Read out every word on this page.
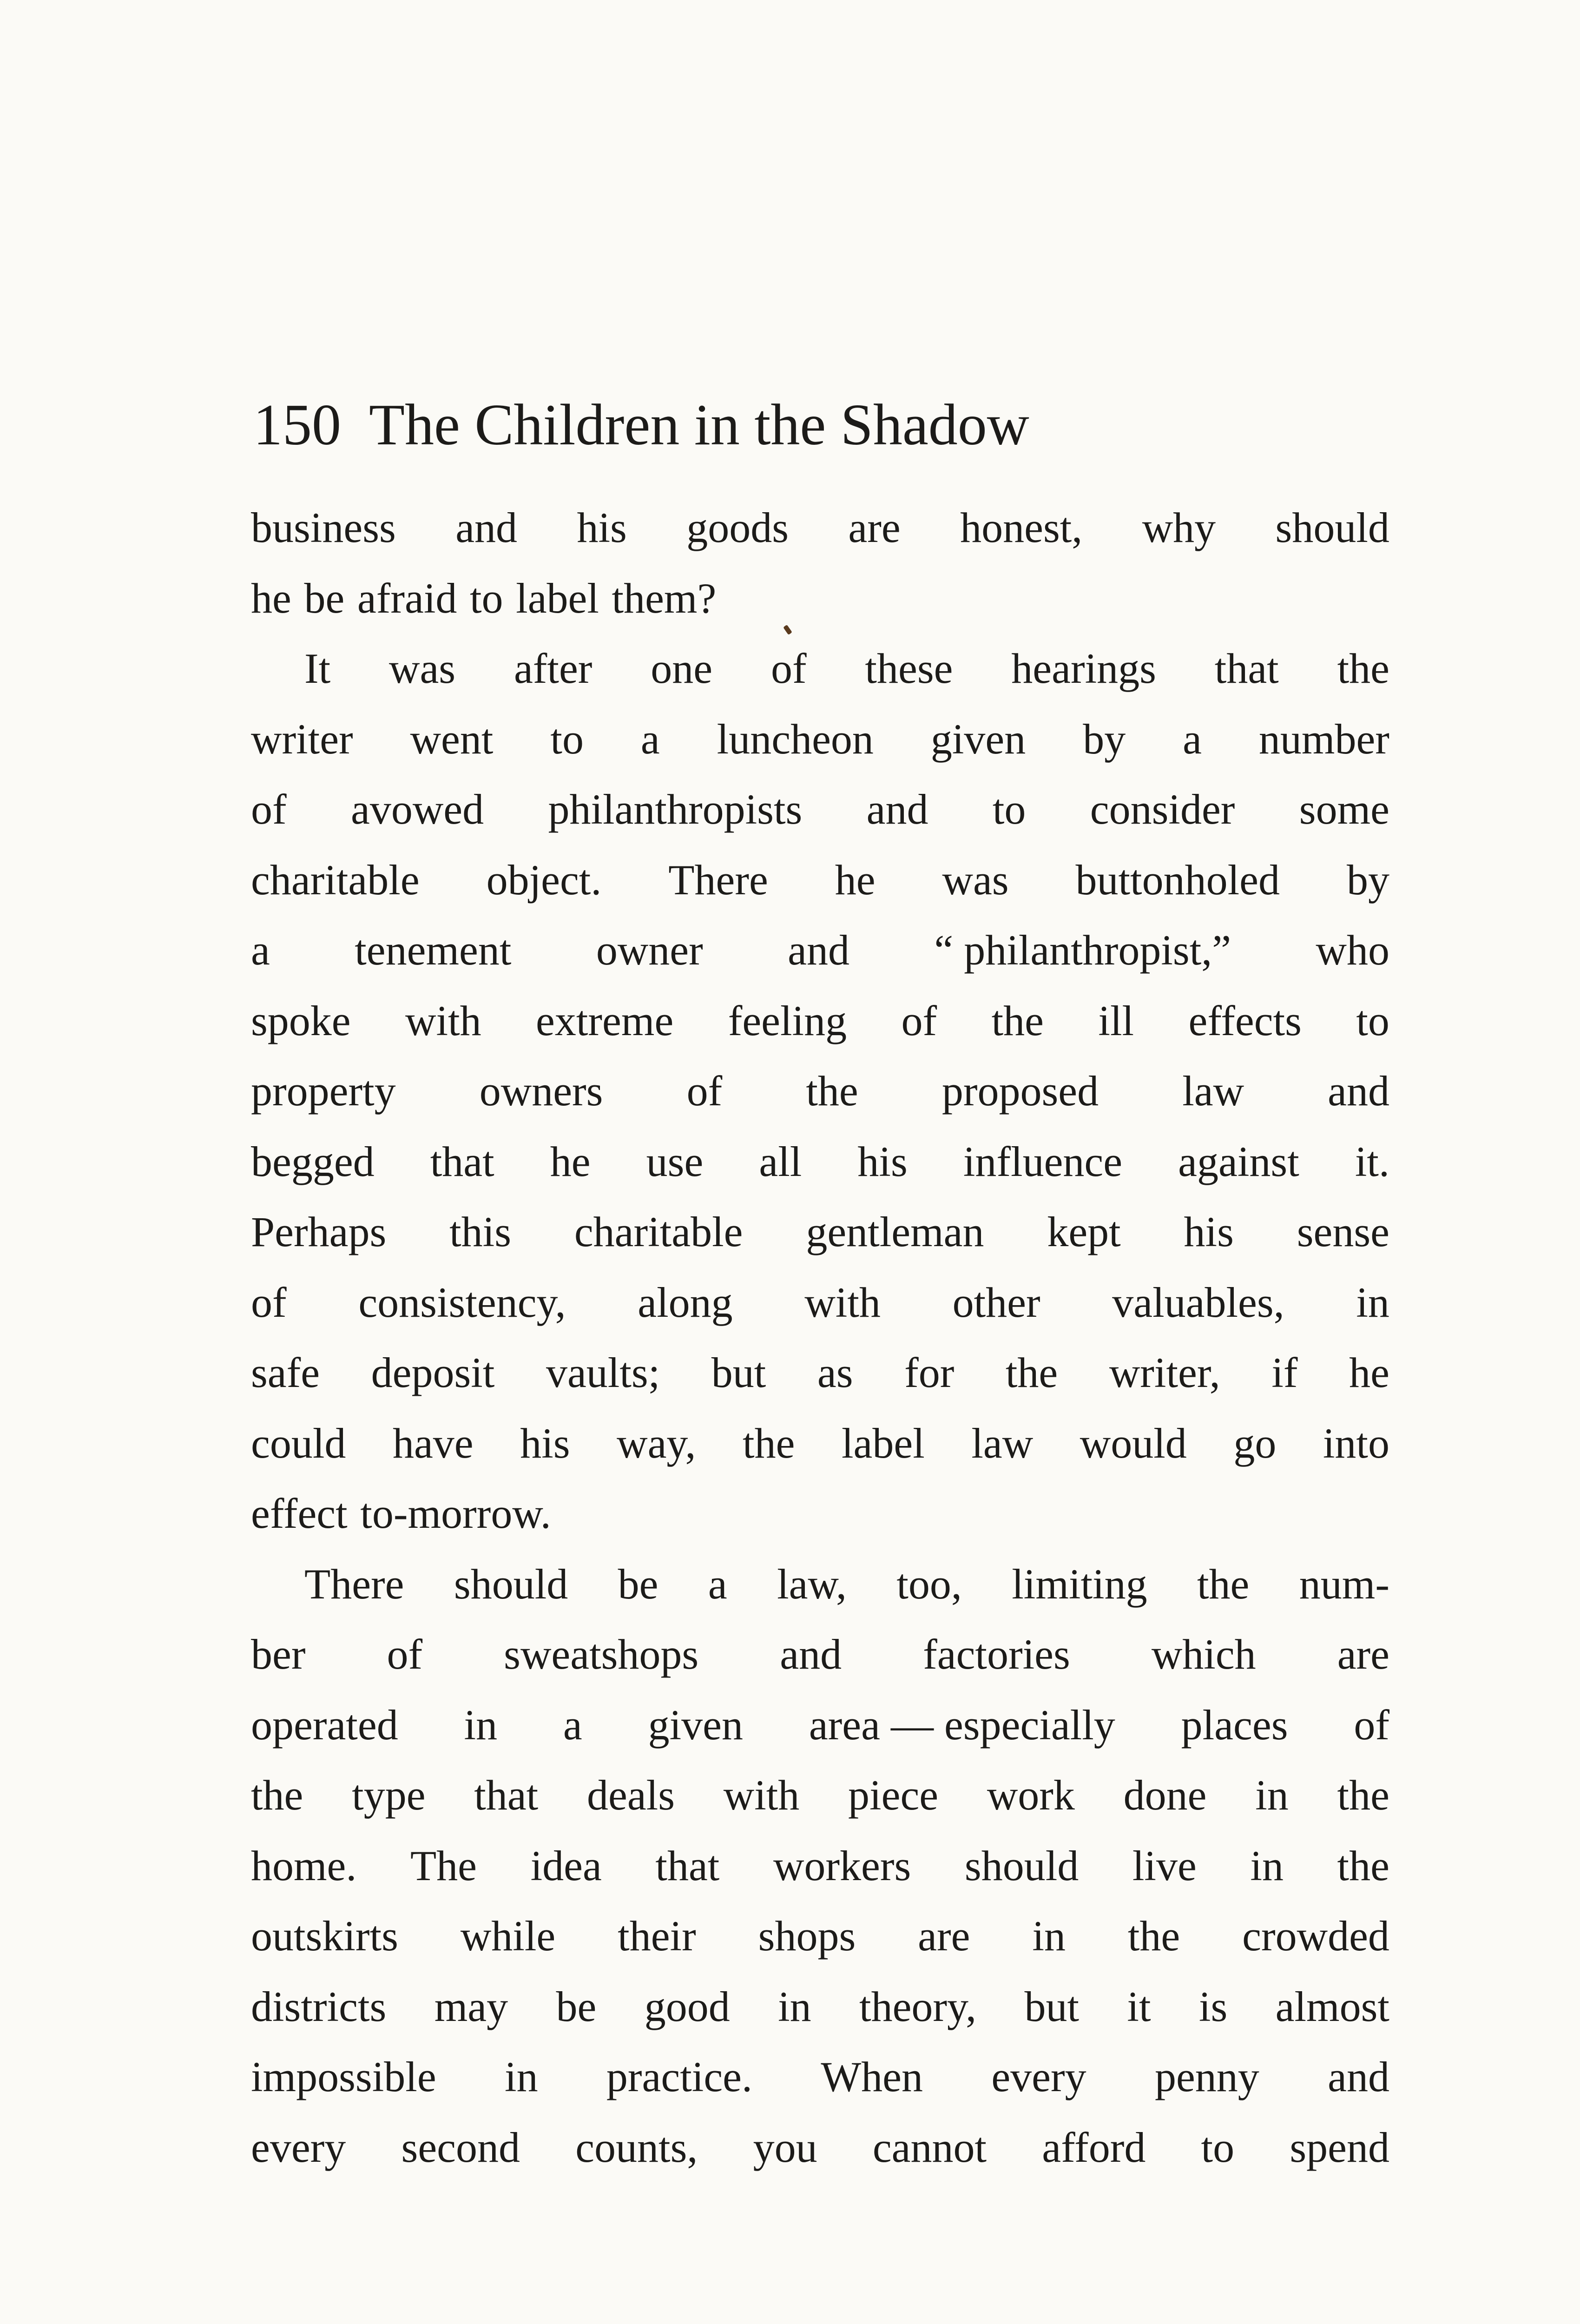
150 The Children in the Shadow
business and his goods are honest, why should
he be afraid to label them?
It was after one of these hearings that the
writer went to a luncheon given by a number
of avowed philanthropists and to consider some
charitable object. There he was buttonholed by
a tenement owner and “ philanthropist,” who
spoke with extreme feeling of the ill effects to
property owners of the proposed law and
begged that he use all his influence against it.
Perhaps this charitable gentleman kept his sense
of consistency, along with other valuables, in
safe deposit vaults; but as for the writer, if he
could have his way, the label law would go into
effect to-morrow.
There should be a law, too, limiting the num-
ber of sweatshops and factories which are
operated in a given area — especially places of
the type that deals with piece work done in the
home. The idea that workers should live in the
outskirts while their shops are in the crowded
districts may be good in theory, but it is almost
impossible in practice. When every penny and
every second counts, you cannot afford to spend
